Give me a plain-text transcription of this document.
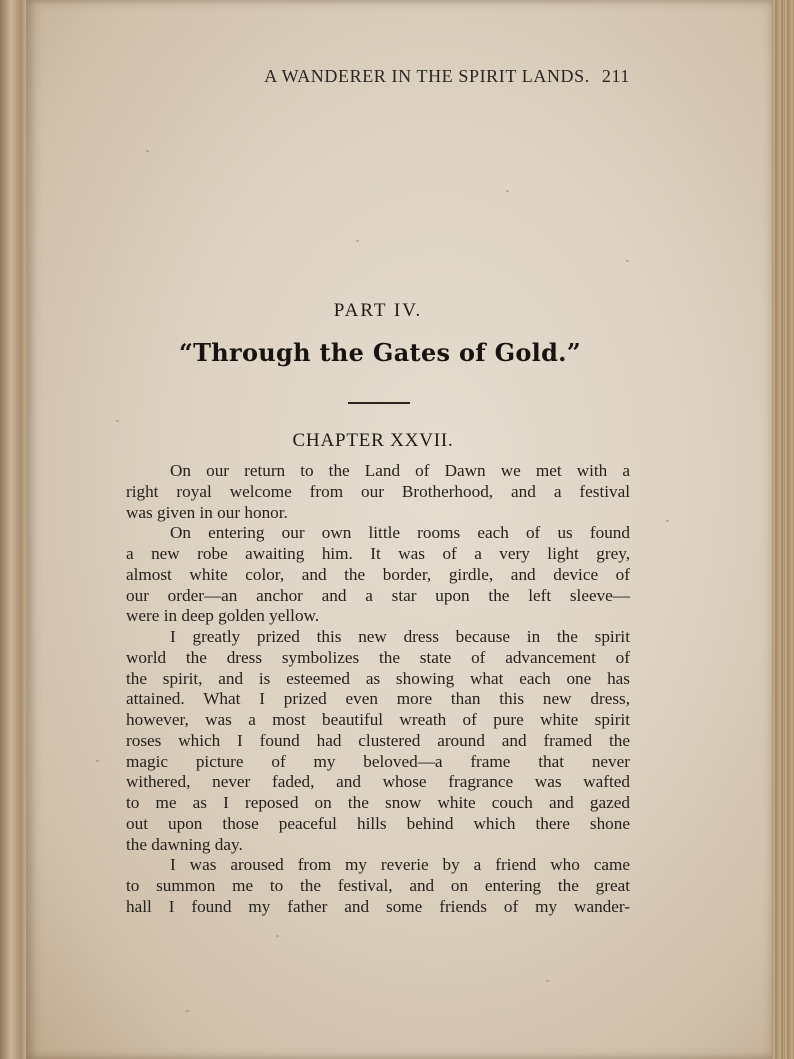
A WANDERER IN THE SPIRIT LANDS. 211
PART IV.
“Through the Gates of Gold.”
CHAPTER XXVII.
On our return to the Land of Dawn we met with a
right royal welcome from our Brotherhood, and a festival
was given in our honor.
On entering our own little rooms each of us found
a new robe awaiting him. It was of a very light grey,
almost white color, and the border, girdle, and device of
our order—an anchor and a star upon the left sleeve—
were in deep golden yellow.
I greatly prized this new dress because in the spirit
world the dress symbolizes the state of advancement of
the spirit, and is esteemed as showing what each one has
attained. What I prized even more than this new dress,
however, was a most beautiful wreath of pure white spirit
roses which I found had clustered around and framed the
magic picture of my beloved—a frame that never
withered, never faded, and whose fragrance was wafted
to me as I reposed on the snow white couch and gazed
out upon those peaceful hills behind which there shone
the dawning day.
I was aroused from my reverie by a friend who came
to summon me to the festival, and on entering the great
hall I found my father and some friends of my wander-
